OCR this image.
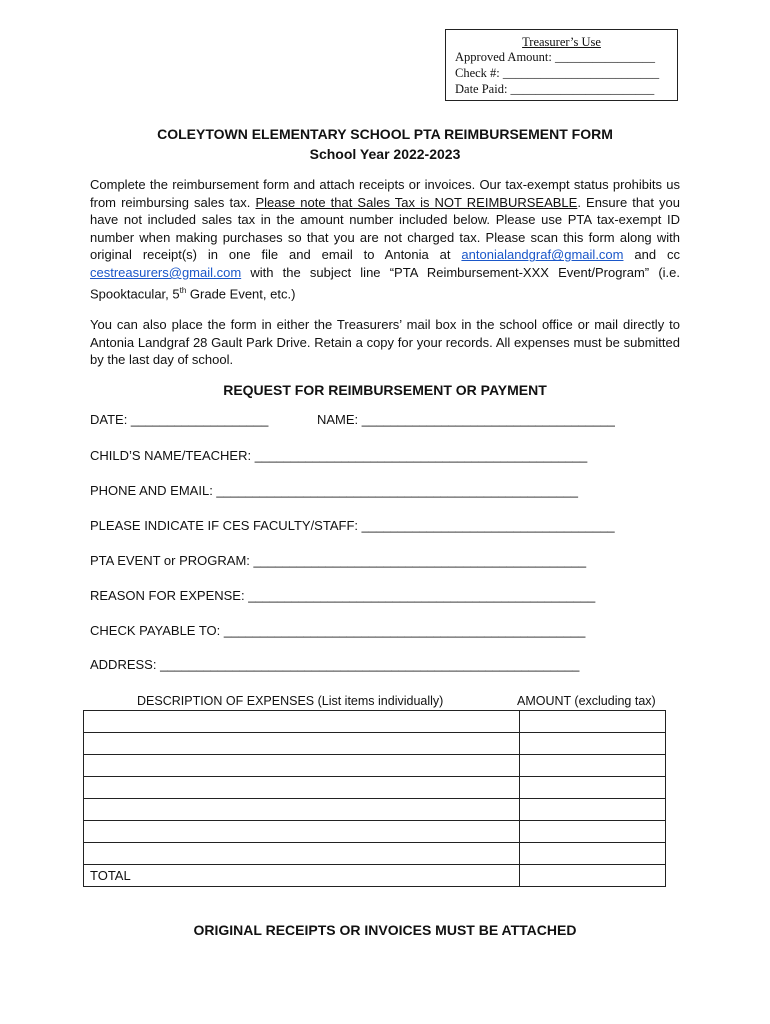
Treasurer’s Use
Approved Amount: ________________
Check #: _________________________
Date Paid: _______________________
COLEYTOWN ELEMENTARY SCHOOL PTA REIMBURSEMENT FORM
School Year 2022-2023
Complete the reimbursement form and attach receipts or invoices. Our tax-exempt status prohibits us from reimbursing sales tax. Please note that Sales Tax is NOT REIMBURSEABLE. Ensure that you have not included sales tax in the amount number included below. Please use PTA tax-exempt ID number when making purchases so that you are not charged tax. Please scan this form along with original receipt(s) in one file and email to Antonia at antonialandgraf@gmail.com and cc cestreasurers@gmail.com with the subject line “PTA Reimbursement-XXX Event/Program” (i.e. Spooktacular, 5th Grade Event, etc.)
You can also place the form in either the Treasurers’ mail box in the school office or mail directly to Antonia Landgraf 28 Gault Park Drive. Retain a copy for your records. All expenses must be submitted by the last day of school.
REQUEST FOR REIMBURSEMENT OR PAYMENT
DATE: ___________________	NAME: ___________________________________
CHILD’S NAME/TEACHER: ______________________________________________
PHONE AND EMAIL: __________________________________________________
PLEASE INDICATE IF CES FACULTY/STAFF: ___________________________________
PTA EVENT or PROGRAM: ______________________________________________
REASON FOR EXPENSE: ________________________________________________
CHECK PAYABLE TO: __________________________________________________
ADDRESS: __________________________________________________________
DESCRIPTION OF EXPENSES (List items individually)	AMOUNT (excluding tax)

TOTAL	
ORIGINAL RECEIPTS OR INVOICES MUST BE ATTACHED
